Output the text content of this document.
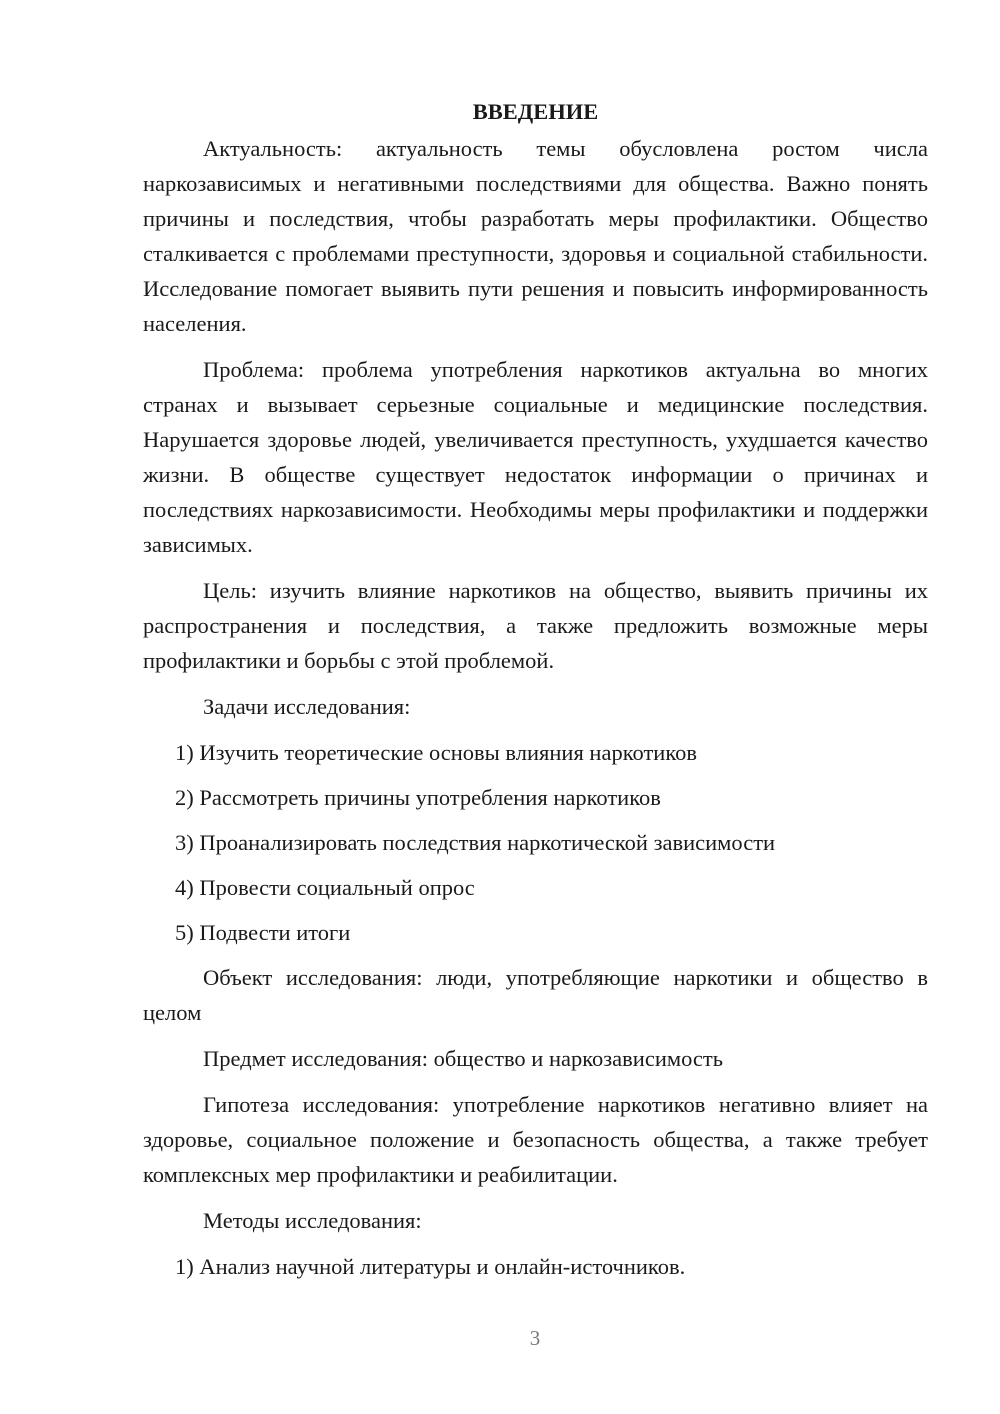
ВВЕДЕНИЕ

Актуальность: актуальность темы обусловлена ростом числа наркозависимых и негативными последствиями для общества. Важно понять причины и последствия, чтобы разработать меры профилактики. Общество сталкивается с проблемами преступности, здоровья и социальной стабильности. Исследование помогает выявить пути решения и повысить информированность населения.

Проблема: проблема употребления наркотиков актуальна во многих странах и вызывает серьезные социальные и медицинские последствия. Нарушается здоровье людей, увеличивается преступность, ухудшается качество жизни. В обществе существует недостаток информации о причинах и последствиях наркозависимости. Необходимы меры профилактики и поддержки зависимых.

Цель: изучить влияние наркотиков на общество, выявить причины их распространения и последствия, а также предложить возможные меры профилактики и борьбы с этой проблемой.

Задачи исследования:

1) Изучить теоретические основы влияния наркотиков
2) Рассмотреть причины употребления наркотиков
3) Проанализировать последствия наркотической зависимости
4) Провести социальный опрос
5) Подвести итоги

Объект исследования: люди, употребляющие наркотики и общество в целом

Предмет исследования: общество и наркозависимость

Гипотеза исследования: употребление наркотиков негативно влияет на здоровье, социальное положение и безопасность общества, а также требует комплексных мер профилактики и реабилитации.

Методы исследования:

1) Анализ научной литературы и онлайн-источников.
3
